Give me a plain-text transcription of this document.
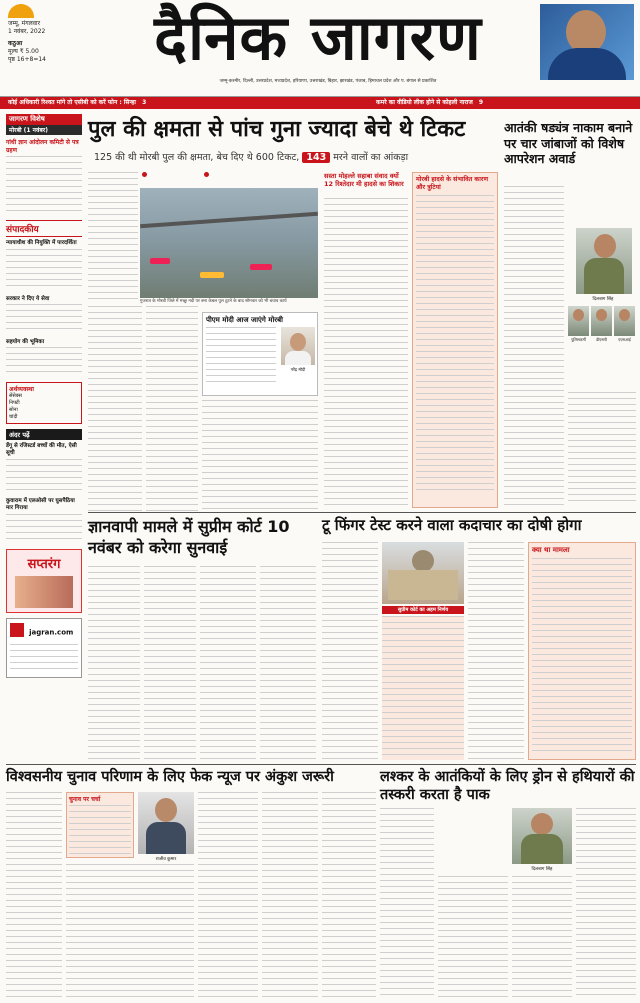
जम्मू, मंगलवार
1 नवंबर, 2022
कठुआ
मूल्य ₹ 5.00
पृष्ठ 16+8=14	दैनिक जागरण
जम्मू-कश्मीर, दिल्ली, उत्तरप्रदेश, मध्यप्रदेश, हरियाणा, उत्तराखंड, बिहार, झारखंड, पंजाब, हिमाचल प्रदेश और प. बंगाल से प्रकाशित
कोई अधिकारी रिश्वत मांगे तो एसीबी को करें फोन : सिन्हा 3	कमरे का वीडियो लीक होने से कोहली नाराज 9
जागरण विशेष
मोरबी (1 नवंबर)
गांधी ज्ञान आंदोलन कमिटी से पत्र ग्रहण
संपादकीय
न्यायाधीश की नियुक्ति में पारदर्शिता
सरकार ने दिए ये सेवा
सहयोग की भूमिका
अर्थव्यवस्था
सेंसेक्स
निफ्टी
सोना
चांदी
अंदर पढ़ें
डेंगू से रजिस्टर्ड बच्चों की मौत, ऐसी सूची
कुवाराम में एलओसी पर घुसपैठिया मार गिराया
सप्तरंग
jagran.com
पुल की क्षमता से पांच गुना ज्यादा बेचे थे टिकट
125 की थी मोरबी पुल की क्षमता, बेच दिए थे 600 टिकट, 143 मरने वालों का आंकड़ा
गुजरात के मोरबी जिले में मच्छु नदी पर बना केबल पुल टूटने के बाद सोमवार को भी बचाव कार्य
पीएम मोदी आज जाएंगे मोरबी
नरेंद्र मोदी
सस्ता मोहल्ले सहाबा संवाद क्यों 12 रिश्तेदार मी हादसे का शिकार
मोरबी हादसे के संभावित कारण और त्रुटियां
आतंकी षड्यंत्र नाकाम बनाने पर चार जांबाजों को विशेष आपरेशन अवार्ड
दिलबाग सिंह
पुलिसकर्मी	डीएसपी	एएसआई
ज्ञानवापी मामले में सुप्रीम कोर्ट 10 नवंबर को करेगा सुनवाई
टू फिंगर टेस्ट करने वाला कदाचार का दोषी होगा
सुप्रीम कोर्ट का अहम निर्णय
क्या था मामला
विश्वसनीय चुनाव परिणाम के लिए फेक न्यूज पर अंकुश जरूरी
चुनाव पर चर्चा
राजीव कुमार
लश्कर के आतंकियों के लिए ड्रोन से हथियारों की तस्करी करता है पाक
दिलबाग सिंह
